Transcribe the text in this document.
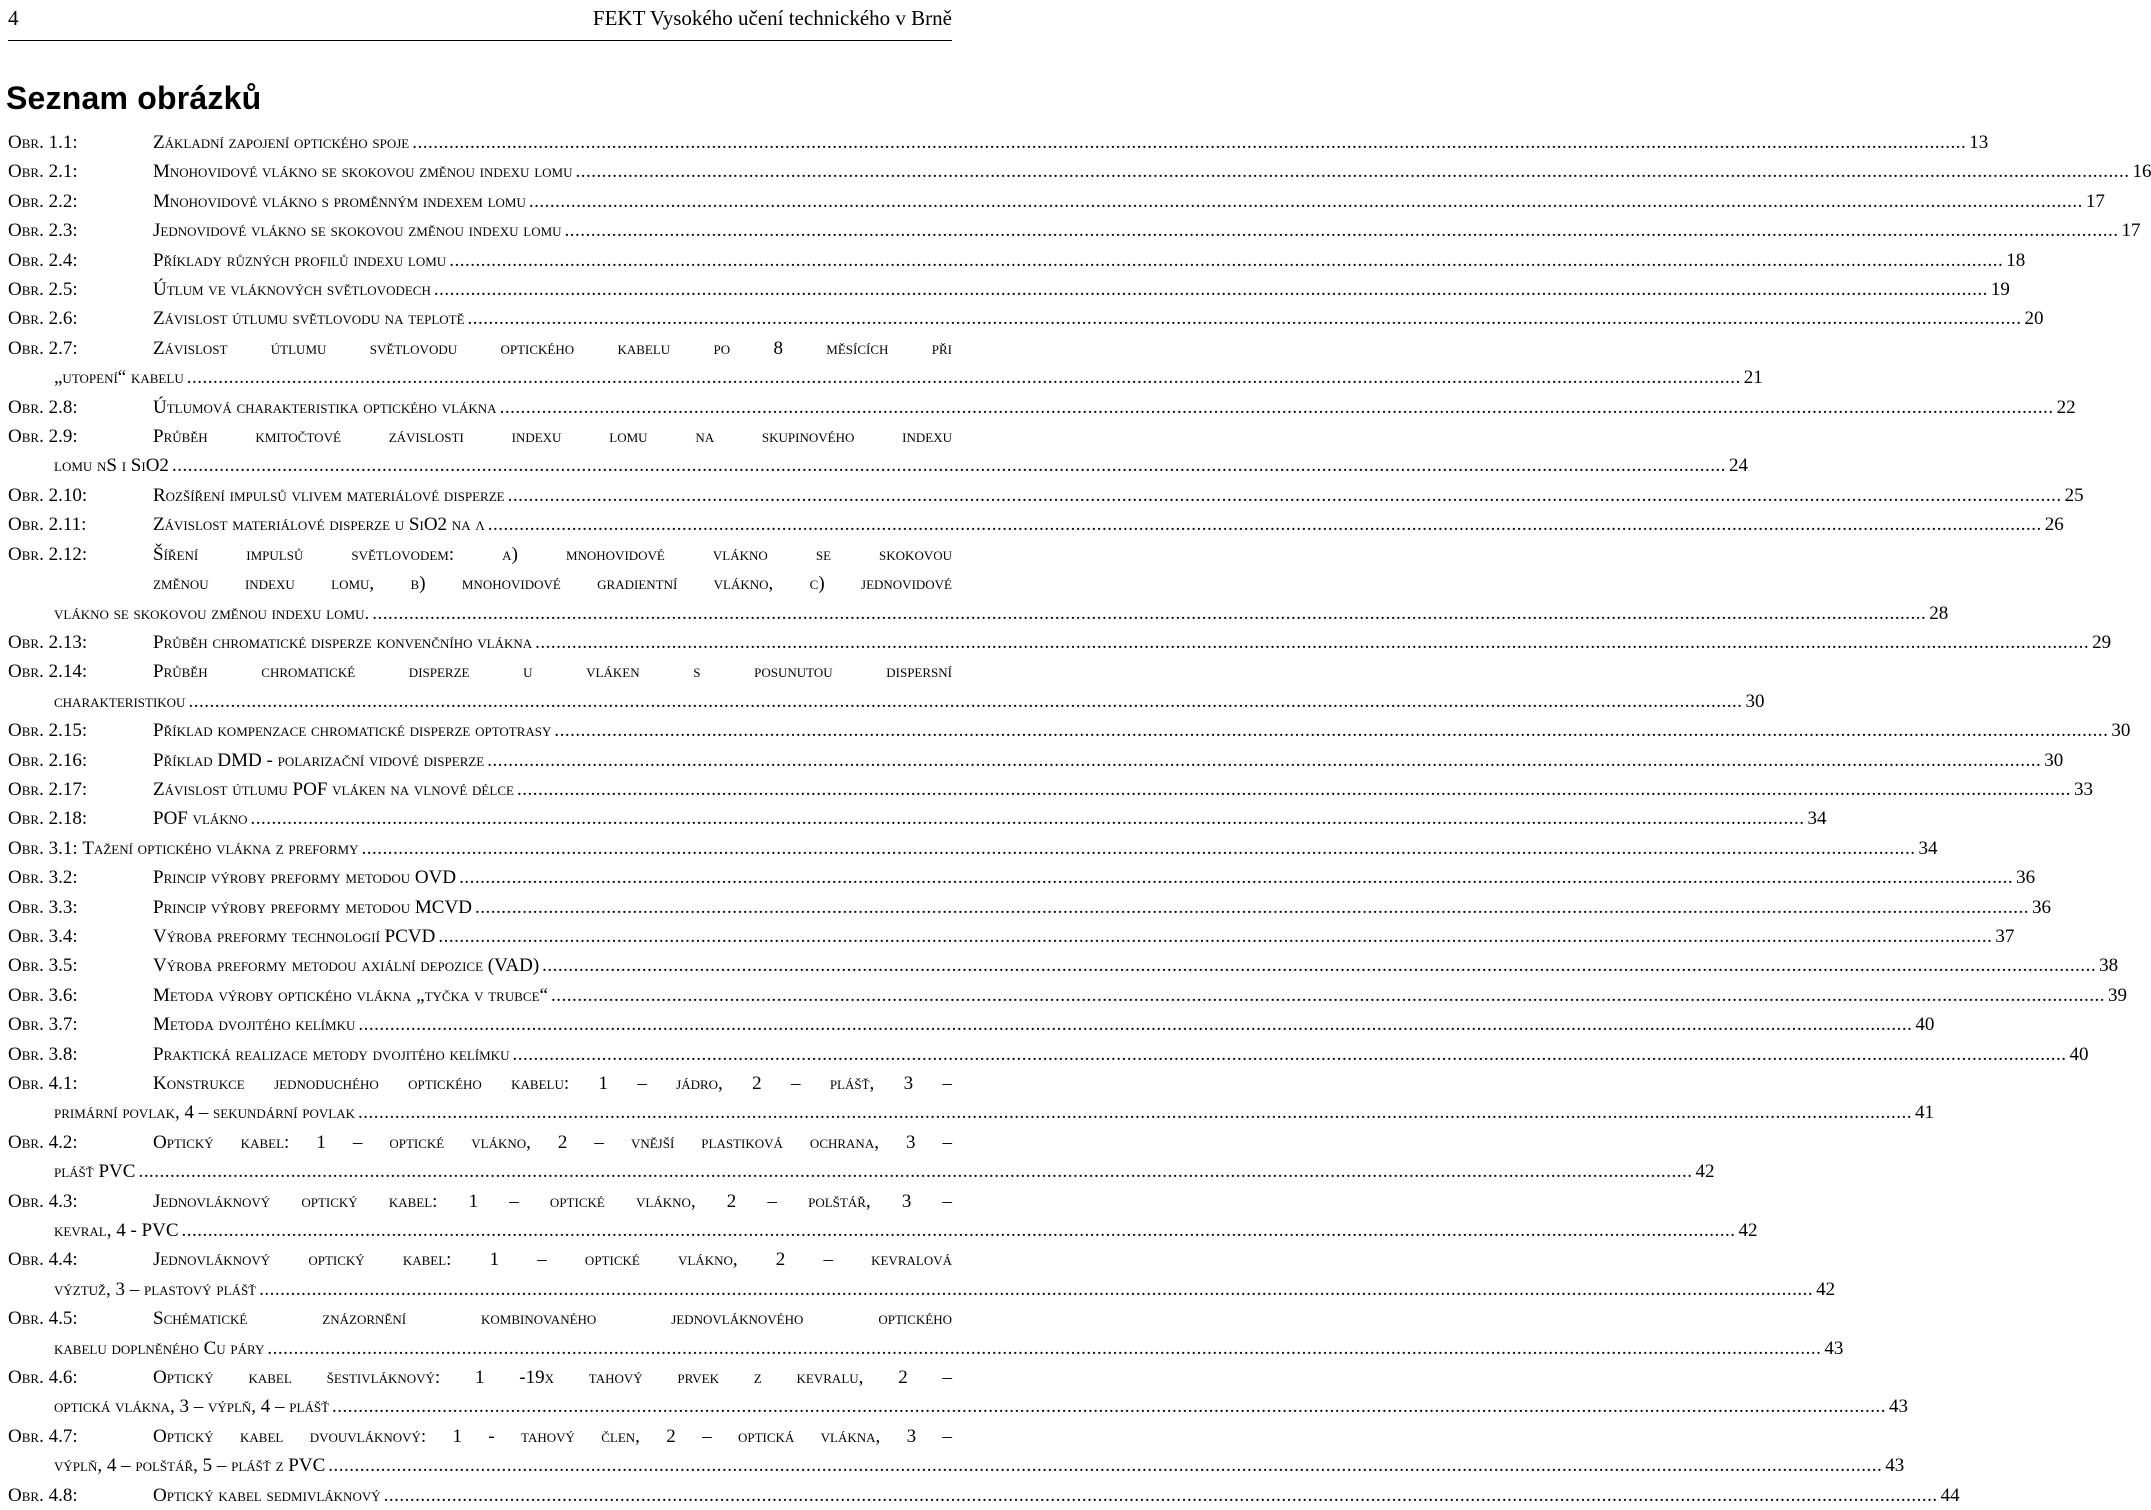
4	FEKT Vysokého učení technického v Brně
Seznam obrázků
Obr. 1.1:	Základní zapojení optického spoje .....	13
Obr. 2.1:	Mnohovidové vlákno se skokovou změnou indexu lomu .....	16
Obr. 2.2:	Mnohovidové vlákno s proměnným indexem lomu .....	17
Obr. 2.3:	Jednovidové vlákno se skokovou změnou indexu lomu .....	17
Obr. 2.4:	Příklady různých profilů indexu lomu .....	18
Obr. 2.5:	Útlum ve vláknových světlovodech .....	19
Obr. 2.6:	Závislost útlumu světlovodu na teplotě .....	20
Obr. 2.7:	Závislost útlumu světlovodu optického kabelu po 8 měsících při
„utopení“ kabelu .....	21
Obr. 2.8:	Útlumová charakteristika optického vlákna .....	22
Obr. 2.9:	Průběh kmitočtové závislosti indexu lomu na skupinového indexu
lomu nS i SiO2 .....	24
Obr. 2.10:	Rozšíření impulsů vlivem materiálové disperze .....	25
Obr. 2.11:	Závislost materiálové disperze u SiO2 na λ .....	26
Obr. 2.12:	Šíření impulsů světlovodem: a) mnohovidové vlákno se skokovou
změnou indexu lomu, b) mnohovidové gradientní vlákno, c) jednovidové
vlákno se skokovou změnou indexu lomu. .....	28
Obr. 2.13:	Průběh chromatické disperze konvenčního vlákna .....	29
Obr. 2.14:	Průběh chromatické disperze u vláken s posunutou dispersní
charakteristikou .....	30
Obr. 2.15:	Příklad kompenzace chromatické disperze optotrasy .....	30
Obr. 2.16:	Příklad DMD - polarizační vidové disperze .....	30
Obr. 2.17:	Závislost útlumu POF vláken na vlnové délce .....	33
Obr. 2.18:	POF vlákno .....	34
Obr. 3.1: Tažení optického vlákna z preformy .....	34
Obr. 3.2:	Princip výroby preformy metodou OVD .....	36
Obr. 3.3:	Princip výroby preformy metodou MCVD .....	36
Obr. 3.4:	Výroba preformy technologií PCVD .....	37
Obr. 3.5:	Výroba preformy metodou axiální depozice (VAD) .....	38
Obr. 3.6:	Metoda výroby optického vlákna „tyčka v trubce“ .....	39
Obr. 3.7:	Metoda dvojitého kelímku .....	40
Obr. 3.8:	Praktická realizace metody dvojitého kelímku .....	40
Obr. 4.1:	Konstrukce jednoduchého optického kabelu: 1 – jádro, 2 – plášť, 3 –
primární povlak, 4 – sekundární povlak .....	41
Obr. 4.2:	Optický kabel: 1 – optické vlákno, 2 – vnější plastiková ochrana, 3 –
plášť PVC .....	42
Obr. 4.3:	Jednovláknový optický kabel: 1 – optické vlákno, 2 – polštář, 3 –
kevral, 4 - PVC .....	42
Obr. 4.4:	Jednovláknový optický kabel: 1 – optické vlákno, 2 – kevralová
výztuž, 3 – plastový plášť .....	42
Obr. 4.5:	Schématické znázornění kombinovaného jednovláknového optického
kabelu doplněného Cu páry .....	43
Obr. 4.6:	Optický kabel šestivláknový: 1 -19x tahový prvek z kevralu, 2 –
optická vlákna, 3 – výplň, 4 – plášť .....	43
Obr. 4.7:	Optický kabel dvouvláknový: 1 - tahový člen, 2 – optická vlákna, 3 –
výplň, 4 – polštář, 5 – plášť z PVC .....	43
Obr. 4.8:	Optický kabel sedmivláknový .....	44
